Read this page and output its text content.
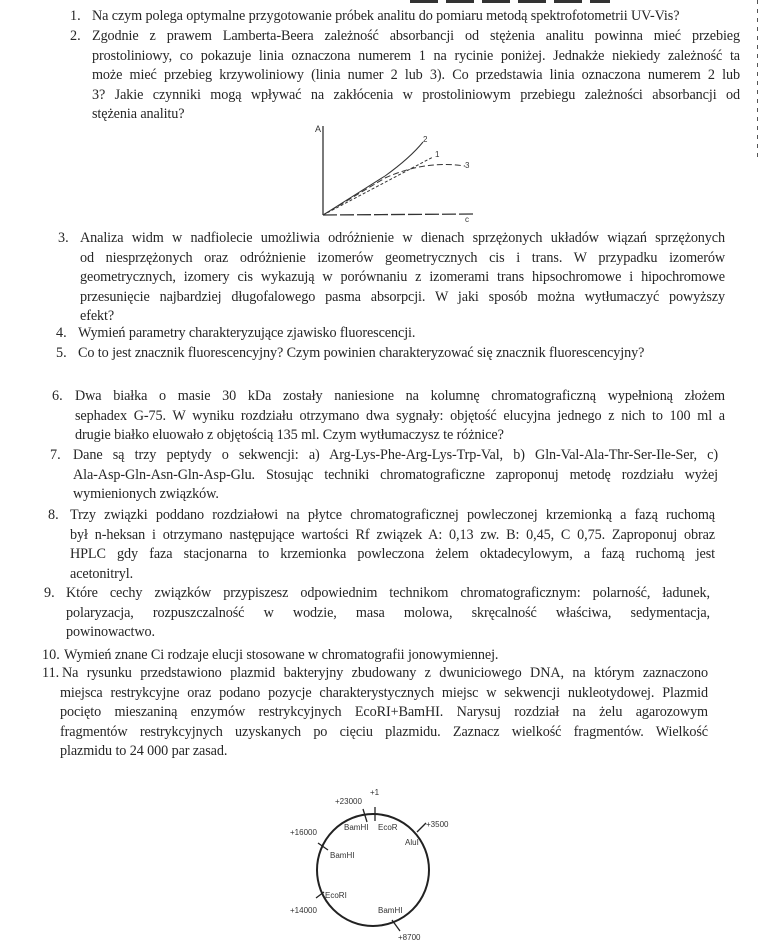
1. Na czym polega optymalne przygotowanie próbek analitu do pomiaru metodą spektrofotometrii UV-Vis?
2. Zgodnie z prawem Lamberta-Beera zależność absorbancji od stężenia analitu powinna mieć przebieg
prostoliniowy, co pokazuje linia oznaczona numerem 1 na rycinie poniżej. Jednakże niekiedy zależność ta
może mieć przebieg krzywoliniowy (linia numer 2 lub 3). Co przedstawia linia oznaczona numerem 2 lub
3? Jakie czynniki mogą wpływać na zakłócenia w prostoliniowym przebiegu zależności absorbancji od
stężenia analitu?
3. Analiza widm w nadfiolecie umożliwia odróżnienie w dienach sprzężonych układów wiązań sprzężonych
od niesprzężonych oraz odróżnienie izomerów geometrycznych cis i trans. W przypadku izomerów
geometrycznych, izomery cis wykazują w porównaniu z izomerami trans hipsochromowe i hipochromowe
przesunięcie najbardziej długofalowego pasma absorpcji. W jaki sposób można wytłumaczyć powyższy
efekt?
4. Wymień parametry charakteryzujące zjawisko fluorescencji.
5. Co to jest znacznik fluorescencyjny? Czym powinien charakteryzować się znacznik fluorescencyjny?
6. Dwa białka o masie 30 kDa zostały naniesione na kolumnę chromatograficzną wypełnioną złożem
sephadex G-75. W wyniku rozdziału otrzymano dwa sygnały: objętość elucyjna jednego z nich to 100 ml a
drugie białko eluowało z objętością 135 ml. Czym wytłumaczysz te różnice?
7. Dane są trzy peptydy o sekwencji: a) Arg-Lys-Phe-Arg-Lys-Trp-Val, b) Gln-Val-Ala-Thr-Ser-Ile-Ser, c)
Ala-Asp-Gln-Asn-Gln-Asp-Glu. Stosując techniki chromatograficzne zaproponuj metodę rozdziału wyżej
wymienionych związków.
8. Trzy związki poddano rozdziałowi na płytce chromatograficznej powleczonej krzemionką a fazą ruchomą
był n-heksan i otrzymano następujące wartości Rf związek A: 0,13 zw. B: 0,45, C 0,75. Zaproponuj obraz
HPLC gdy faza stacjonarna to krzemionka powleczona żelem oktadecylowym, a fazą ruchomą jest
acetonitryl.
9. Które cechy związków przypiszesz odpowiednim technikom chromatograficznym: polarność, ładunek,
polaryzacja, rozpuszczalność w wodzie, masa molowa, skręcalność właściwa, sedymentacja,
powinowactwo.
10. Wymień znane Ci rodzaje elucji stosowane w chromatografii jonowymiennej.
11. Na rysunku przedstawiono plazmid bakteryjny zbudowany z dwuniciowego DNA, na którym zaznaczono
miejsca restrykcyjne oraz podano pozycje charakterystycznych miejsc w sekwencji nukleotydowej. Plazmid
pocięto mieszaniną enzymów restrykcyjnych EcoRI+BamHI. Narysuj rozdział na żelu agarozowym
fragmentów restrykcyjnych uzyskanych po cięciu plazmidu. Zaznacz wielkość fragmentów. Wielkość
plazmidu to 24 000 par zasad.
A
c
2
1
3
+1
+23000
+3500
+16000
+14000
+8700
BamHI EcoR
AluI
BamHI
EcoRI
BamHI
